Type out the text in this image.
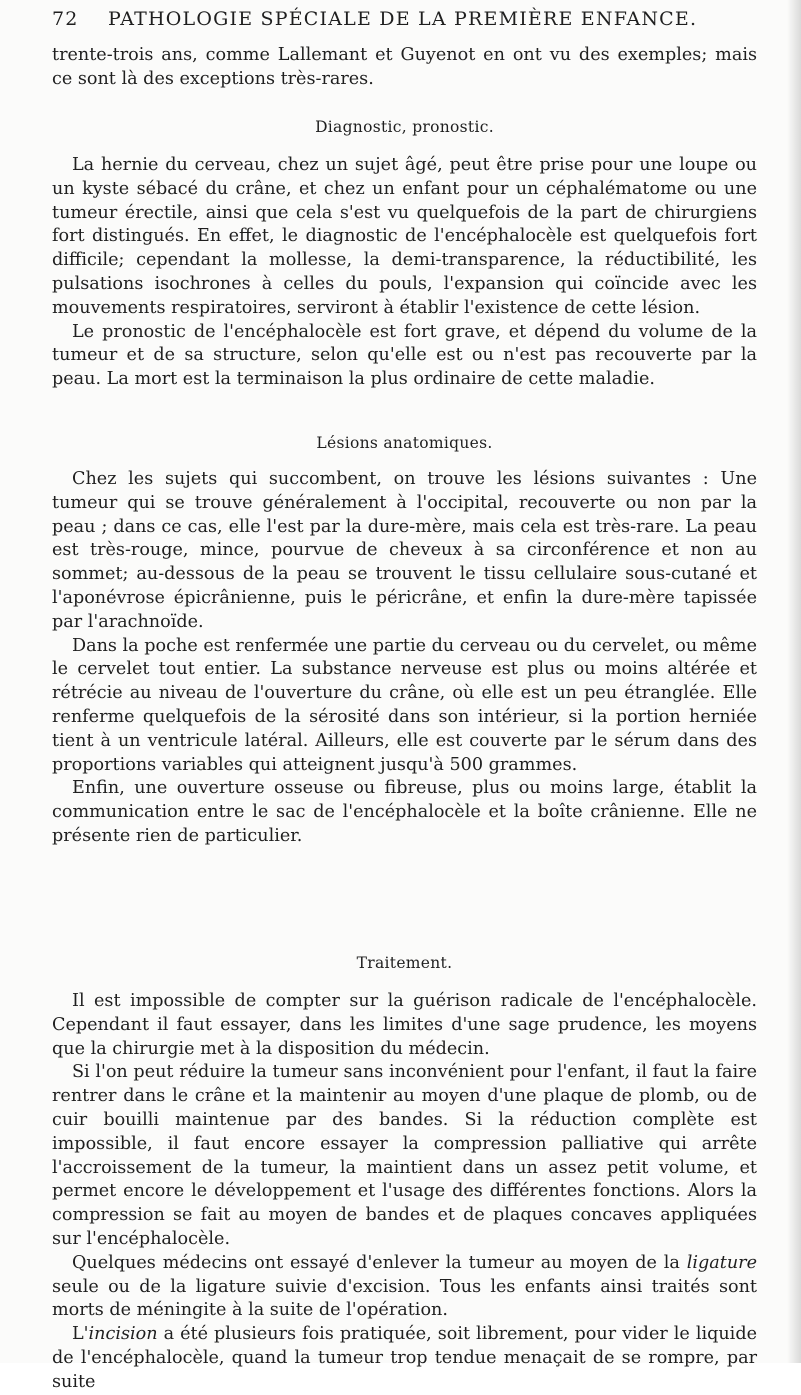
72 PATHOLOGIE SPÉCIALE DE LA PREMIÈRE ENFANCE.

trente-trois ans, comme Lallemant et Guyenot en ont vu des exemples; mais ce sont là des exceptions très-rares.

Diagnostic, pronostic.

La hernie du cerveau, chez un sujet âgé, peut être prise pour une loupe ou un kyste sébacé du crâne, et chez un enfant pour un céphalématome ou une tumeur érectile, ainsi que cela s'est vu quelquefois de la part de chirurgiens fort distingués. En effet, le diagnostic de l'encéphalocèle est quelquefois fort difficile; cependant la mollesse, la demi-transparence, la réductibilité, les pulsations isochrones à celles du pouls, l'expansion qui coïncide avec les mouvements respiratoires, serviront à établir l'existence de cette lésion.

Le pronostic de l'encéphalocèle est fort grave, et dépend du volume de la tumeur et de sa structure, selon qu'elle est ou n'est pas recouverte par la peau. La mort est la terminaison la plus ordinaire de cette maladie.

Lésions anatomiques.

Chez les sujets qui succombent, on trouve les lésions suivantes : Une tumeur qui se trouve généralement à l'occipital, recouverte ou non par la peau ; dans ce cas, elle l'est par la dure-mère, mais cela est très-rare. La peau est très-rouge, mince, pourvue de cheveux à sa circonférence et non au sommet; au-dessous de la peau se trouvent le tissu cellulaire sous-cutané et l'aponévrose épicrânienne, puis le péricrâne, et enfin la dure-mère tapissée par l'arachnoïde.

Dans la poche est renfermée une partie du cerveau ou du cervelet, ou même le cervelet tout entier. La substance nerveuse est plus ou moins altérée et rétrécie au niveau de l'ouverture du crâne, où elle est un peu étranglée. Elle renferme quelquefois de la sérosité dans son intérieur, si la portion herniée tient à un ventricule latéral. Ailleurs, elle est couverte par le sérum dans des proportions variables qui atteignent jusqu'à 500 grammes.

Enfin, une ouverture osseuse ou fibreuse, plus ou moins large, établit la communication entre le sac de l'encéphalocèle et la boîte crânienne. Elle ne présente rien de particulier.

Traitement.

Il est impossible de compter sur la guérison radicale de l'encéphalocèle. Cependant il faut essayer, dans les limites d'une sage prudence, les moyens que la chirurgie met à la disposition du médecin.

Si l'on peut réduire la tumeur sans inconvénient pour l'enfant, il faut la faire rentrer dans le crâne et la maintenir au moyen d'une plaque de plomb, ou de cuir bouilli maintenue par des bandes. Si la réduction complète est impossible, il faut encore essayer la compression palliative qui arrête l'accroissement de la tumeur, la maintient dans un assez petit volume, et permet encore le développement et l'usage des différentes fonctions. Alors la compression se fait au moyen de bandes et de plaques concaves appliquées sur l'encéphalocèle.

Quelques médecins ont essayé d'enlever la tumeur au moyen de la ligature seule ou de la ligature suivie d'excision. Tous les enfants ainsi traités sont morts de méningite à la suite de l'opération.

L'incision a été plusieurs fois pratiquée, soit librement, pour vider le liquide de l'encéphalocèle, quand la tumeur trop tendue menaçait de se rompre, par suite
